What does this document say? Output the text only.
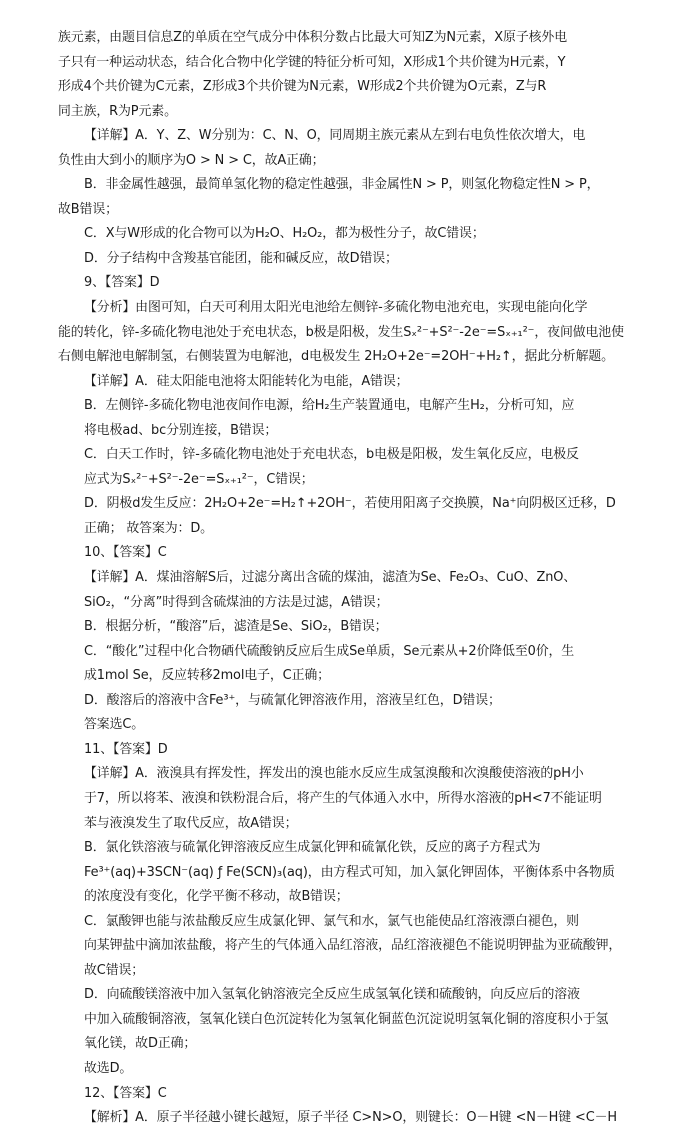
族元素，由题目信息Z的单质在空气成分中体积分数占比最大可知Z为N元素，X原子核外电
子只有一种运动状态，结合化合物中化学键的特征分析可知，X形成1个共价键为H元素，Y
形成4个共价键为C元素，Z形成3个共价键为N元素，W形成2个共价键为O元素，Z与R
同主族，R为P元素。
【详解】A．Y、Z、W分别为：C、N、O，同周期主族元素从左到右电负性依次增大，电
负性由大到小的顺序为O > N > C，故A正确；
B．非金属性越强，最简单氢化物的稳定性越强，非金属性N > P，则氢化物稳定性N > P，
故B错误；
C．X与W形成的化合物可以为H₂O、H₂O₂，都为极性分子，故C错误；
D．分子结构中含羧基官能团，能和碱反应，故D错误；
9、【答案】D
【分析】由图可知，白天可利用太阳光电池给左侧锌-多硫化物电池充电，实现电能向化学
能的转化，锌-多硫化物电池处于充电状态，b极是阳极，发生Sₓ²⁻+S²⁻-2e⁻=Sₓ₊₁²⁻，夜间做电池使
右侧电解池电解制氢，右侧装置为电解池，d电极发生 2H₂O+2e⁻=2OH⁻+H₂↑，据此分析解题。
【详解】A．硅太阳能电池将太阳能转化为电能，A错误；
B．左侧锌-多硫化物电池夜间作电源，给H₂生产装置通电，电解产生H₂，分析可知，应
将电极ad、bc分别连接，B错误；
C．白天工作时，锌-多硫化物电池处于充电状态，b电极是阳极，发生氧化反应，电极反
应式为Sₓ²⁻+S²⁻-2e⁻=Sₓ₊₁²⁻，C错误；
D．阴极d发生反应：2H₂O+2e⁻=H₂↑+2OH⁻，若使用阳离子交换膜，Na⁺向阴极区迁移，D
正确； 故答案为：D。
10、【答案】C
【详解】A．煤油溶解S后，过滤分离出含硫的煤油，滤渣为Se、Fe₂O₃、CuO、ZnO、
SiO₂，“分离”时得到含硫煤油的方法是过滤，A错误；
B．根据分析，“酸溶”后，滤渣是Se、SiO₂，B错误；
C．“酸化”过程中化合物硒代硫酸钠反应后生成Se单质，Se元素从+2价降低至0价，生
成1mol Se，反应转移2mol电子，C正确；
D．酸溶后的溶液中含Fe³⁺，与硫氰化钾溶液作用，溶液呈红色，D错误；
答案选C。
11、【答案】D
【详解】A．液溴具有挥发性，挥发出的溴也能水反应生成氢溴酸和次溴酸使溶液的pH小
于7，所以将苯、液溴和铁粉混合后，将产生的气体通入水中，所得水溶液的pH<7不能证明
苯与液溴发生了取代反应，故A错误；
B．氯化铁溶液与硫氰化钾溶液反应生成氯化钾和硫氰化铁，反应的离子方程式为
Fe³⁺(aq)+3SCN⁻(aq) ƒ Fe(SCN)₃(aq)，由方程式可知，加入氯化钾固体，平衡体系中各物质
的浓度没有变化，化学平衡不移动，故B错误；
C．氯酸钾也能与浓盐酸反应生成氯化钾、氯气和水，氯气也能使品红溶液漂白褪色，则
向某钾盐中滴加浓盐酸，将产生的气体通入品红溶液，品红溶液褪色不能说明钾盐为亚硫酸钾，
故C错误；
D．向硫酸镁溶液中加入氢氧化钠溶液完全反应生成氢氧化镁和硫酸钠，向反应后的溶液
中加入硫酸铜溶液，氢氧化镁白色沉淀转化为氢氧化铜蓝色沉淀说明氢氧化铜的溶度积小于氢
氧化镁，故D正确；
故选D。
12、【答案】C
【解析】A．原子半径越小键长越短，原子半径 C>N>O，则键长：O－H键 <N－H键 <C－H
